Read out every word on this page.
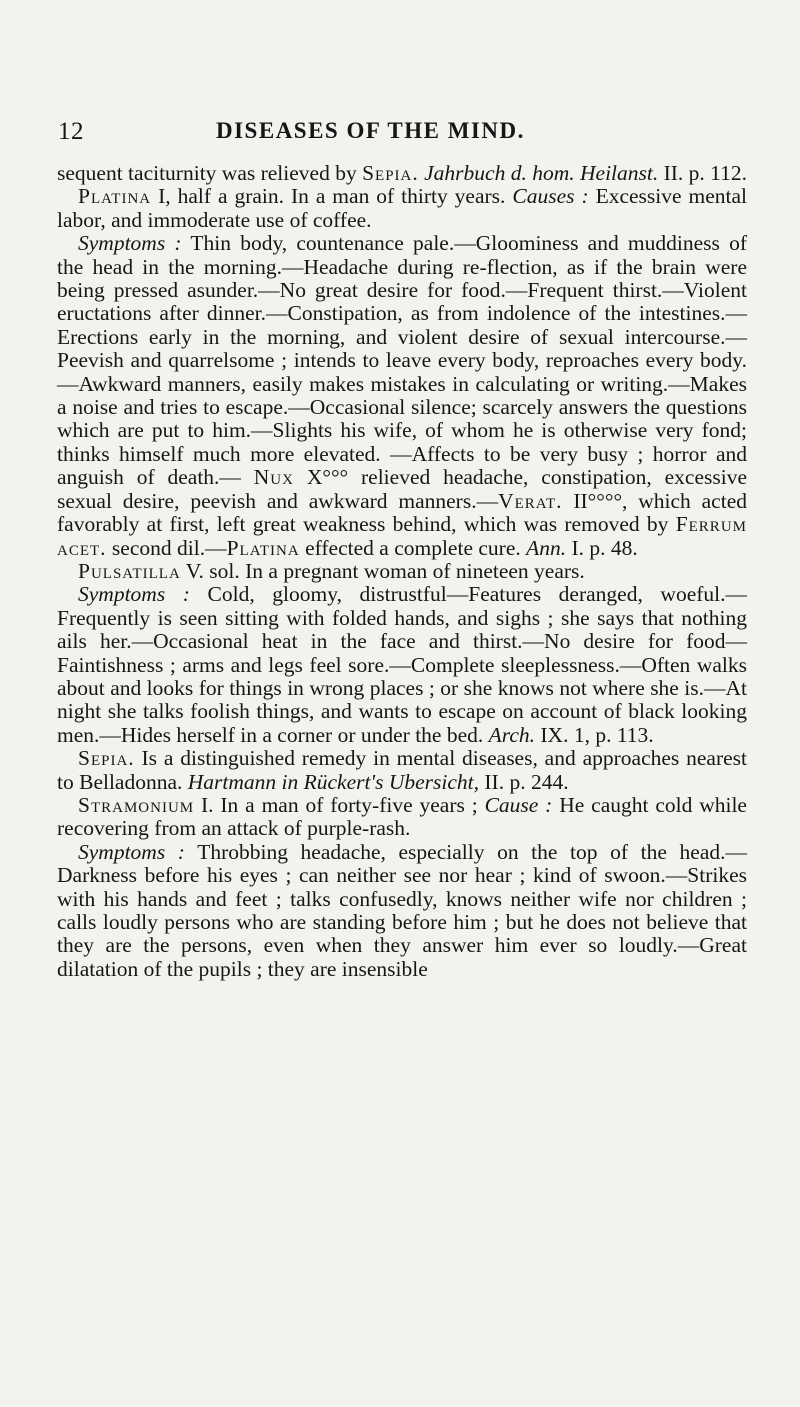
12	DISEASES OF THE MIND.

sequent taciturnity was relieved by Sepia. Jahrbuch d. hom. Heilanst. II. p. 112.

Platina I, half a grain. In a man of thirty years. Causes : Excessive mental labor, and immoderate use of coffee.

Symptoms : Thin body, countenance pale.—Gloominess and muddiness of the head in the morning.—Headache during re-flection, as if the brain were being pressed asunder.—No great desire for food.—Frequent thirst.—Violent eructations after dinner.—Constipation, as from indolence of the intestines.—Erections early in the morning, and violent desire of sexual intercourse.—Peevish and quarrelsome ; intends to leave every body, reproaches every body.—Awkward manners, easily makes mistakes in calculating or writing.—Makes a noise and tries to escape.—Occasional silence; scarcely answers the questions which are put to him.—Slights his wife, of whom he is otherwise very fond; thinks himself much more elevated. —Affects to be very busy ; horror and anguish of death.— Nux X°°° relieved headache, constipation, excessive sexual desire, peevish and awkward manners.—Verat. II°°°°, which acted favorably at first, left great weakness behind, which was removed by Ferrum acet. second dil.—Platina effected a complete cure. Ann. I. p. 48.

Pulsatilla V. sol. In a pregnant woman of nineteen years.

Symptoms : Cold, gloomy, distrustful—Features deranged, woeful.—Frequently is seen sitting with folded hands, and sighs ; she says that nothing ails her.—Occasional heat in the face and thirst.—No desire for food—Faintishness ; arms and legs feel sore.—Complete sleeplessness.—Often walks about and looks for things in wrong places ; or she knows not where she is.—At night she talks foolish things, and wants to escape on account of black looking men.—Hides herself in a corner or under the bed. Arch. IX. 1, p. 113.

Sepia. Is a distinguished remedy in mental diseases, and approaches nearest to Belladonna. Hartmann in Rückert's Ubersicht, II. p. 244.

Stramonium I. In a man of forty-five years ; Cause : He caught cold while recovering from an attack of purple-rash.

Symptoms : Throbbing headache, especially on the top of the head.—Darkness before his eyes ; can neither see nor hear ; kind of swoon.—Strikes with his hands and feet ; talks confusedly, knows neither wife nor children ; calls loudly persons who are standing before him ; but he does not believe that they are the persons, even when they answer him ever so loudly.—Great dilatation of the pupils ; they are insensible
